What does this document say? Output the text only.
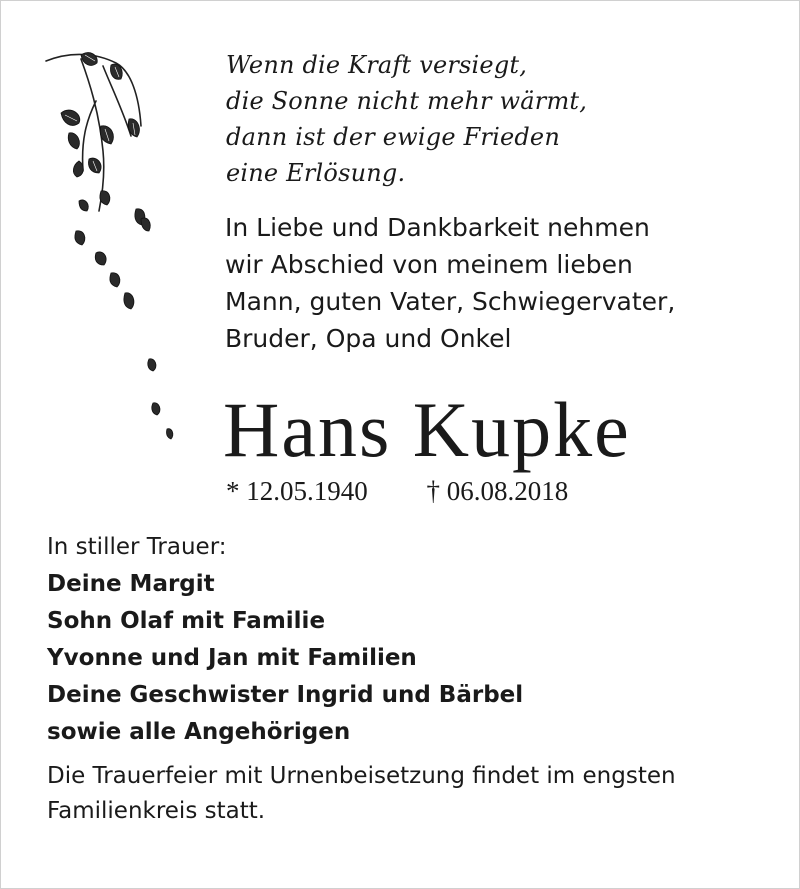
Wenn die Kraft versiegt,
die Sonne nicht mehr wärmt,
dann ist der ewige Frieden
eine Erlösung.
In Liebe und Dankbarkeit nehmen
wir Abschied von meinem lieben
Mann, guten Vater, Schwiegervater,
Bruder, Opa und Onkel
Hans Kupke
* 12.05.1940 † 06.08.2018
In stiller Trauer:
Deine Margit
Sohn Olaf mit Familie
Yvonne und Jan mit Familien
Deine Geschwister Ingrid und Bärbel
sowie alle Angehörigen
Die Trauerfeier mit Urnenbeisetzung findet im engsten
Familienkreis statt.
